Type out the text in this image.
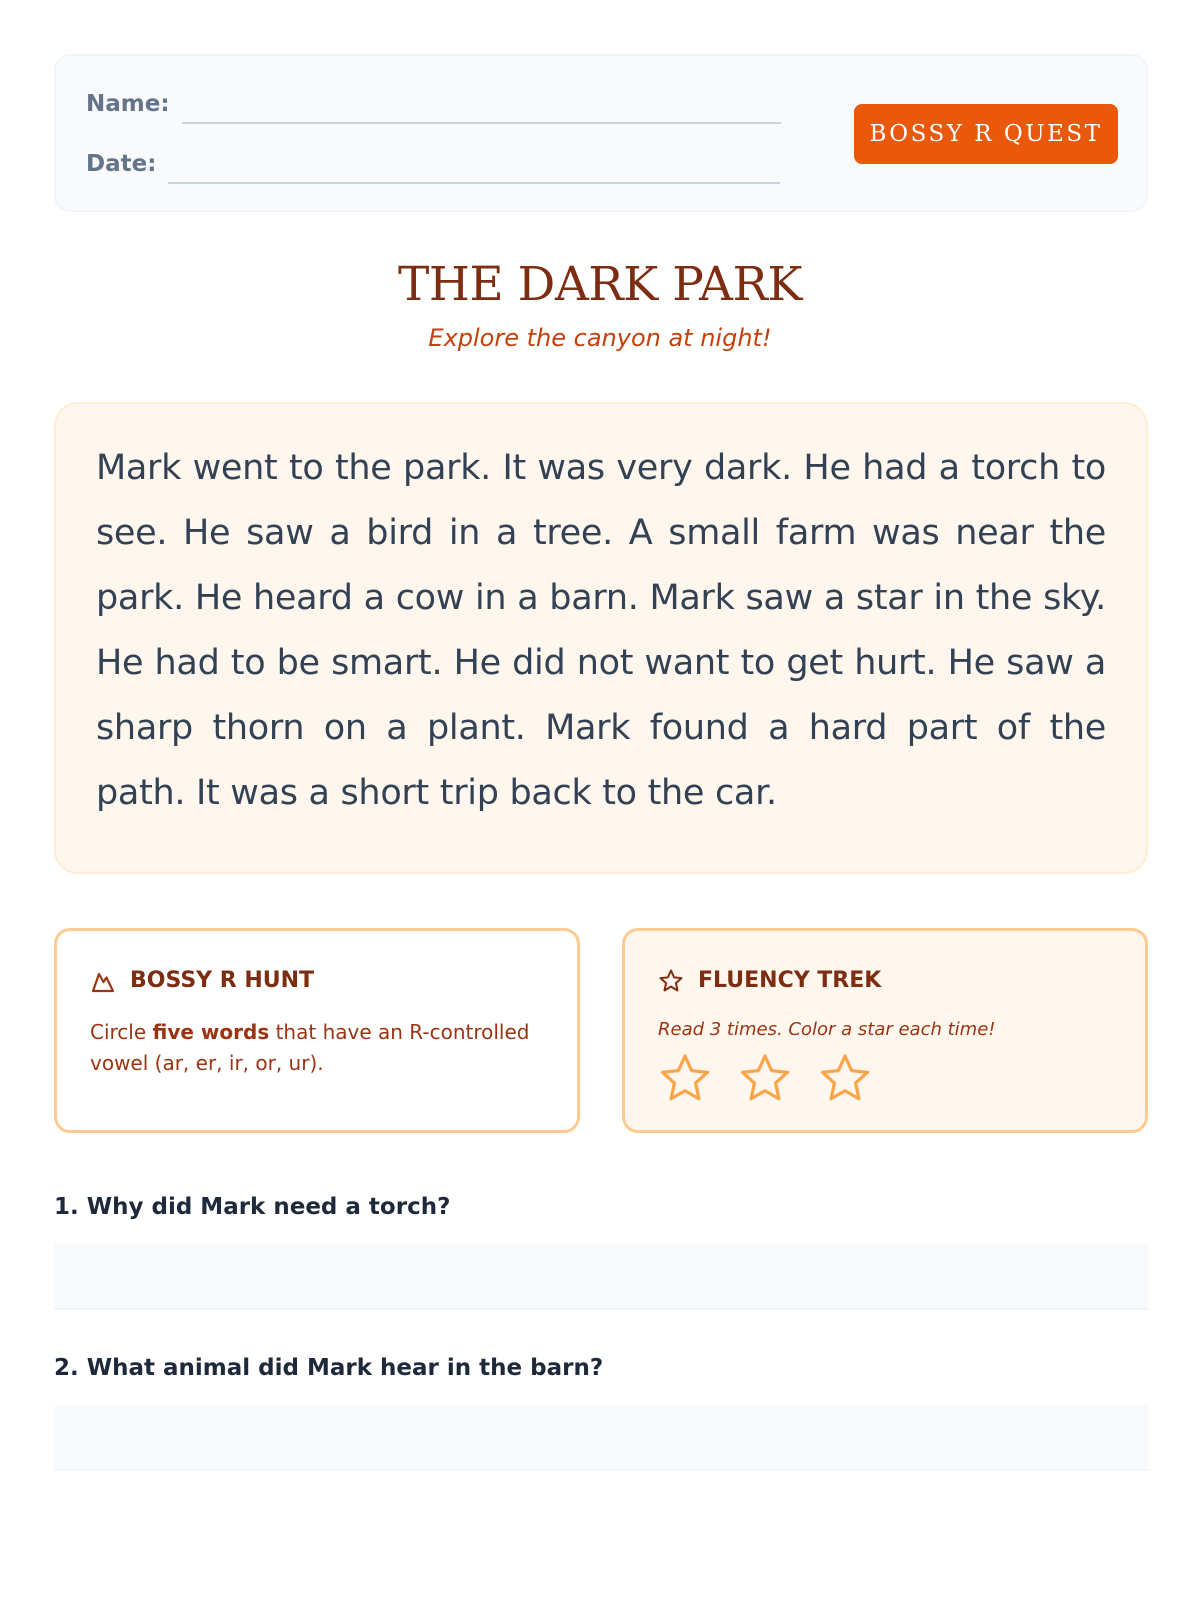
Name:
Date:
BOSSY R QUEST
THE DARK PARK
Explore the canyon at night!

Mark went to the park. It was very dark. He had a torch to see. He saw a bird in a tree. A small farm was near the park. He heard a cow in a barn. Mark saw a star in the sky. He had to be smart. He did not want to get hurt. He saw a sharp thorn on a plant. Mark found a hard part of the path. It was a short trip back to the car.

BOSSY R HUNT

Circle five words that have an R-controlled vowel (ar, er, ir, or, ur).

FLUENCY TREK

Read 3 times. Color a star each time!

1. Why did Mark need a torch?
2. What animal did Mark hear in the barn?
